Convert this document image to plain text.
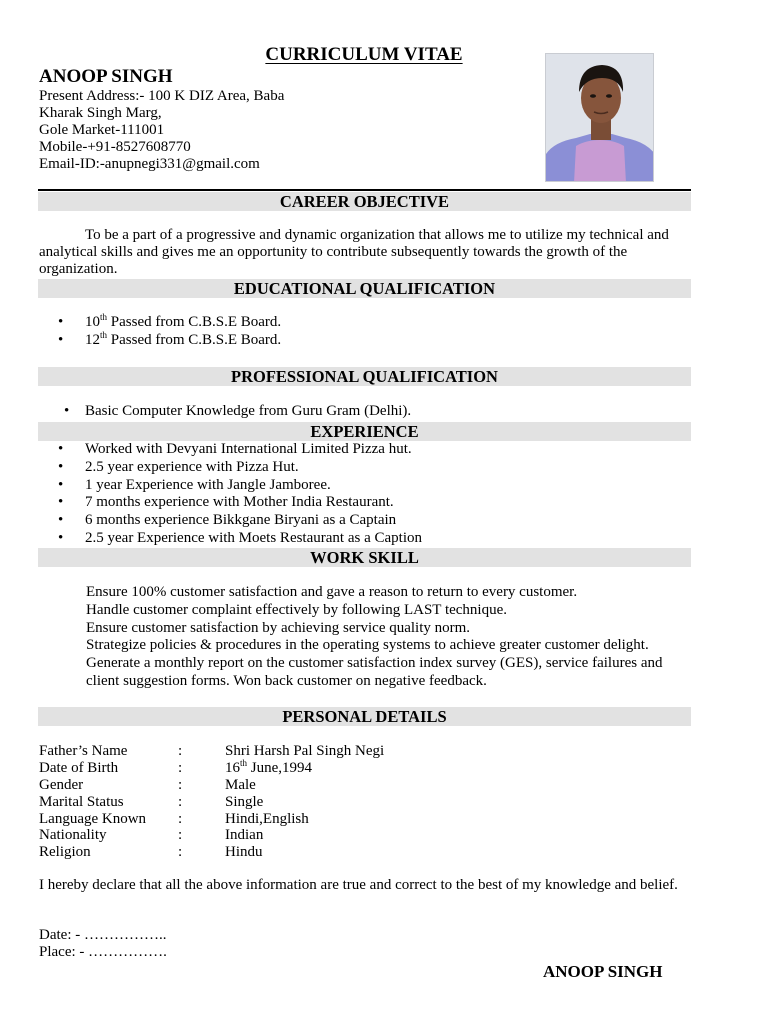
CURRICULUM VITAE
ANOOP SINGH
Present Address:- 100 K DIZ Area, Baba
Kharak Singh Marg,
Gole Market-111001
Mobile-+91-8527608770
Email-ID:-anupnegi331@gmail.com
CAREER OBJECTIVE
To be a part of a progressive and dynamic organization that allows me to utilize my technical and analytical skills and gives me an opportunity to contribute subsequently towards the growth of the organization.
EDUCATIONAL QUALIFICATION
• 10th Passed from C.B.S.E Board.
• 12th Passed from C.B.S.E Board.
PROFESSIONAL QUALIFICATION
• Basic Computer Knowledge from Guru Gram (Delhi).
EXPERIENCE
• Worked with Devyani International Limited Pizza hut.
• 2.5 year experience with Pizza Hut.
• 1 year Experience with Jangle Jamboree.
• 7 months experience with Mother India Restaurant.
• 6 months experience Bikkgane Biryani as a Captain
• 2.5 year Experience with Moets Restaurant as a Caption
WORK SKILL
Ensure 100% customer satisfaction and gave a reason to return to every customer.
Handle customer complaint effectively by following LAST technique.
Ensure customer satisfaction by achieving service quality norm.
Strategize policies & procedures in the operating systems to achieve greater customer delight.
Generate a monthly report on the customer satisfaction index survey (GES), service failures and
client suggestion forms. Won back customer on negative feedback.
PERSONAL DETAILS
Father’s Name	:	Shri Harsh Pal Singh Negi
Date of Birth	:	16th June,1994
Gender	:	Male
Marital Status	:	Single
Language Known :	Hindi,English
Nationality	:	Indian
Religion	:	Hindu
I hereby declare that all the above information are true and correct to the best of my knowledge and belief.
Date: - ……………..
Place: - …………….
ANOOP SINGH
